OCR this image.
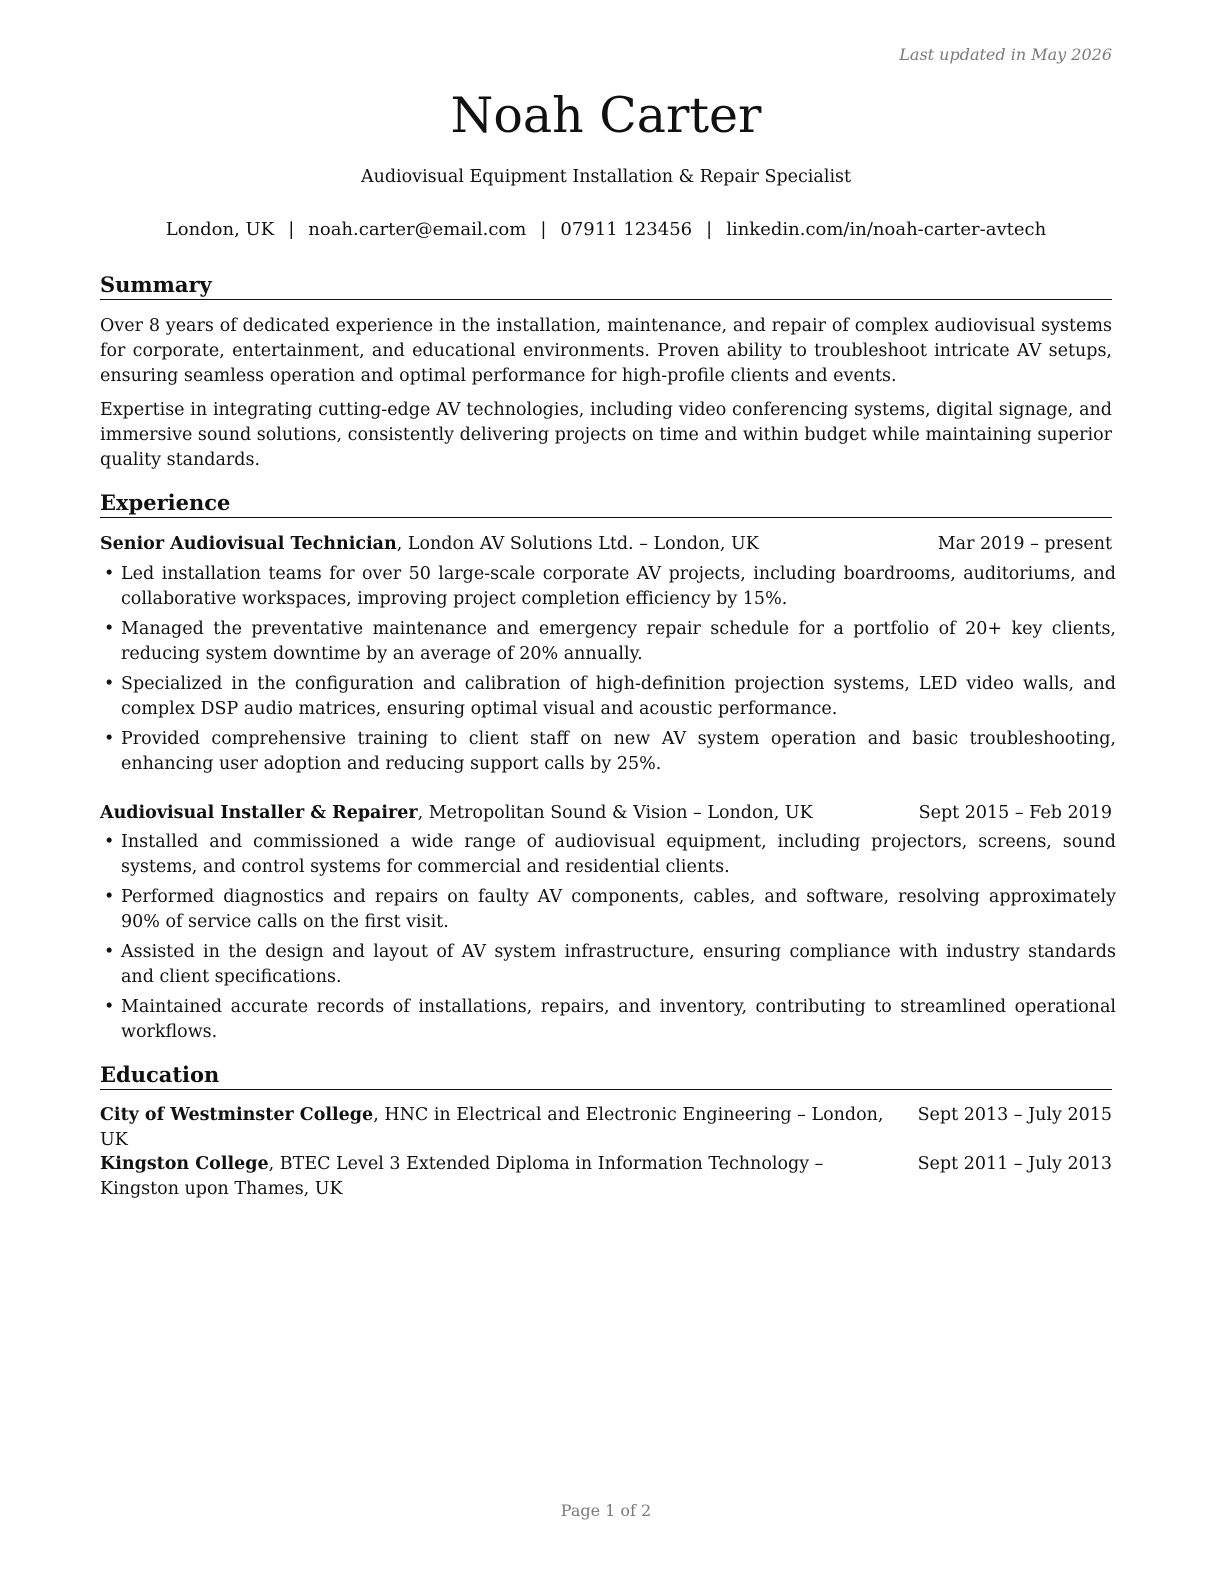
Last updated in May 2026
Noah Carter
Audiovisual Equipment Installation & Repair Specialist
London, UK | noah.carter@email.com | 07911 123456 | linkedin.com/in/noah-carter-avtech
Summary

Over 8 years of dedicated experience in the installation, maintenance, and repair of complex audiovisual systems for corporate, entertainment, and educational environments. Proven ability to troubleshoot intricate AV setups, ensuring seamless operation and optimal performance for high-profile clients and events.

Expertise in integrating cutting-edge AV technologies, including video conferencing systems, digital signage, and immersive sound solutions, consistently delivering projects on time and within budget while maintaining superior quality standards.

Experience
Senior Audiovisual Technician, London AV Solutions Ltd. – London, UK	Mar 2019 – present
• Led installation teams for over 50 large-scale corporate AV projects, including boardrooms, auditoriums, and collaborative workspaces, improving project completion efficiency by 15%.
• Managed the preventative maintenance and emergency repair schedule for a portfolio of 20+ key clients, reducing system downtime by an average of 20% annually.
• Specialized in the configuration and calibration of high-definition projection systems, LED video walls, and complex DSP audio matrices, ensuring optimal visual and acoustic performance.
• Provided comprehensive training to client staff on new AV system operation and basic troubleshooting, enhancing user adoption and reducing support calls by 25%.
Audiovisual Installer & Repairer, Metropolitan Sound & Vision – London, UK	Sept 2015 – Feb 2019
• Installed and commissioned a wide range of audiovisual equipment, including projectors, screens, sound systems, and control systems for commercial and residential clients.
• Performed diagnostics and repairs on faulty AV components, cables, and software, resolving approximately 90% of service calls on the first visit.
• Assisted in the design and layout of AV system infrastructure, ensuring compliance with industry standards and client specifications.
• Maintained accurate records of installations, repairs, and inventory, contributing to streamlined operational workflows.
Education
City of Westminster College, HNC in Electrical and Electronic Engineering – London, UK
Sept 2013 – July 2015
Kingston College, BTEC Level 3 Extended Diploma in Information Technology – Kingston upon Thames, UK
Sept 2011 – July 2013
Page 1 of 2
